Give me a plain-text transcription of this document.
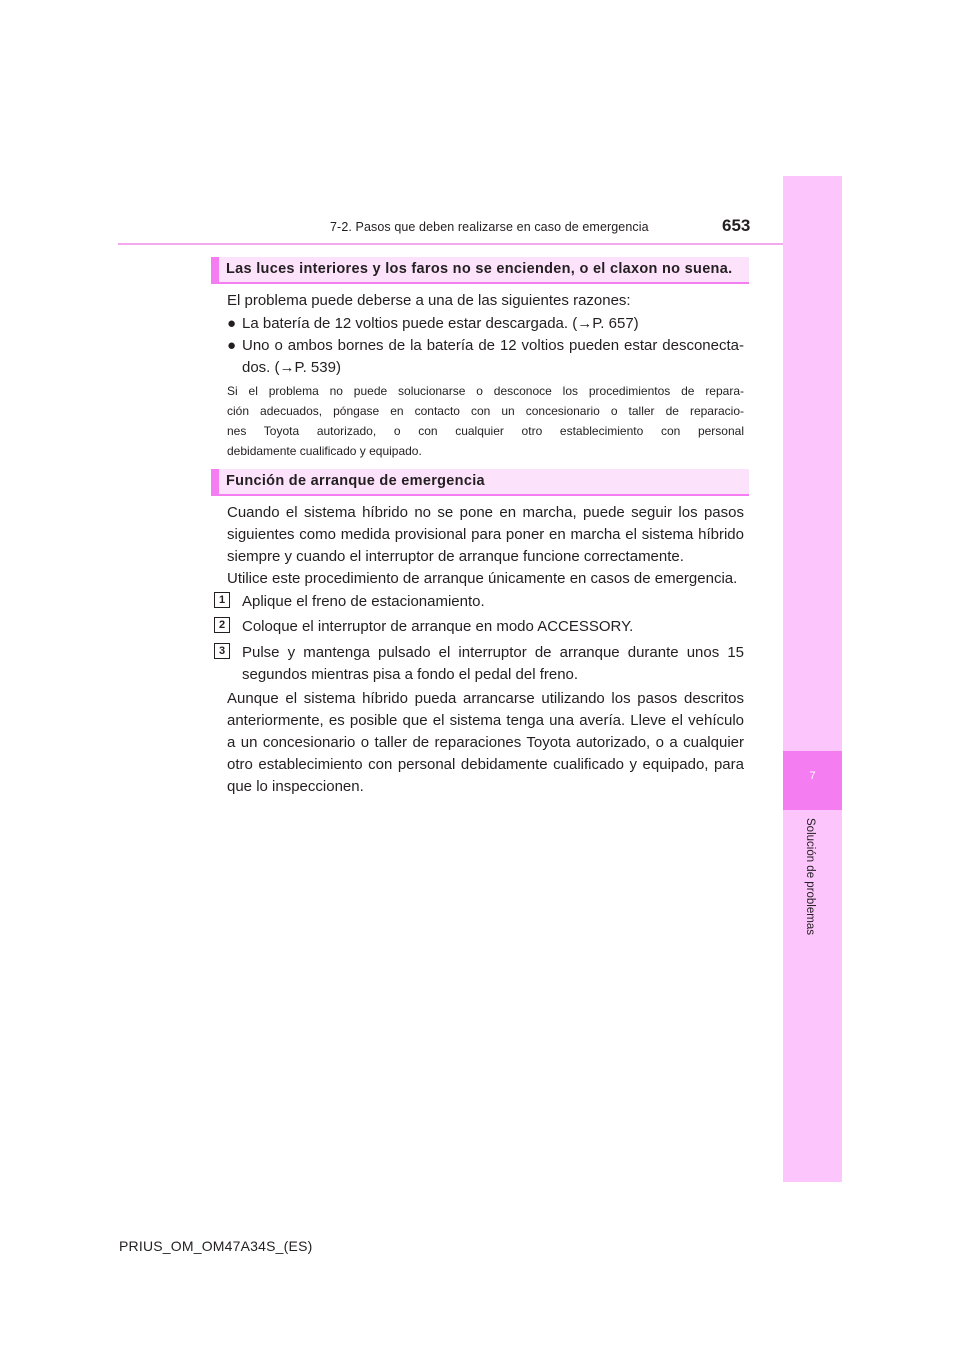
7-2. Pasos que deben realizarse en caso de emergencia	653
7
Solución de problemas
Las luces interiores y los faros no se encienden, o el claxon no suena.
El problema puede deberse a una de las siguientes razones:
● La batería de 12 voltios puede estar descargada. (→P. 657)
● Uno o ambos bornes de la batería de 12 voltios pueden estar desconecta-
dos. (→P. 539)
Si el problema no puede solucionarse o desconoce los procedimientos de repara-
ción adecuados, póngase en contacto con un concesionario o taller de reparacio-
nes Toyota autorizado, o con cualquier otro establecimiento con personal
debidamente cualificado y equipado.
Función de arranque de emergencia
Cuando el sistema híbrido no se pone en marcha, puede seguir los pasos
siguientes como medida provisional para poner en marcha el sistema híbrido
siempre y cuando el interruptor de arranque funcione correctamente.
Utilice este procedimiento de arranque únicamente en casos de emergencia.
1	Aplique el freno de estacionamiento.
2	Coloque el interruptor de arranque en modo ACCESSORY.
3	Pulse y mantenga pulsado el interruptor de arranque durante unos 15
segundos mientras pisa a fondo el pedal del freno.
Aunque el sistema híbrido pueda arrancarse utilizando los pasos descritos
anteriormente, es posible que el sistema tenga una avería. Lleve el vehículo
a un concesionario o taller de reparaciones Toyota autorizado, o a cualquier
otro establecimiento con personal debidamente cualificado y equipado, para
que lo inspeccionen.
PRIUS_OM_OM47A34S_(ES)
